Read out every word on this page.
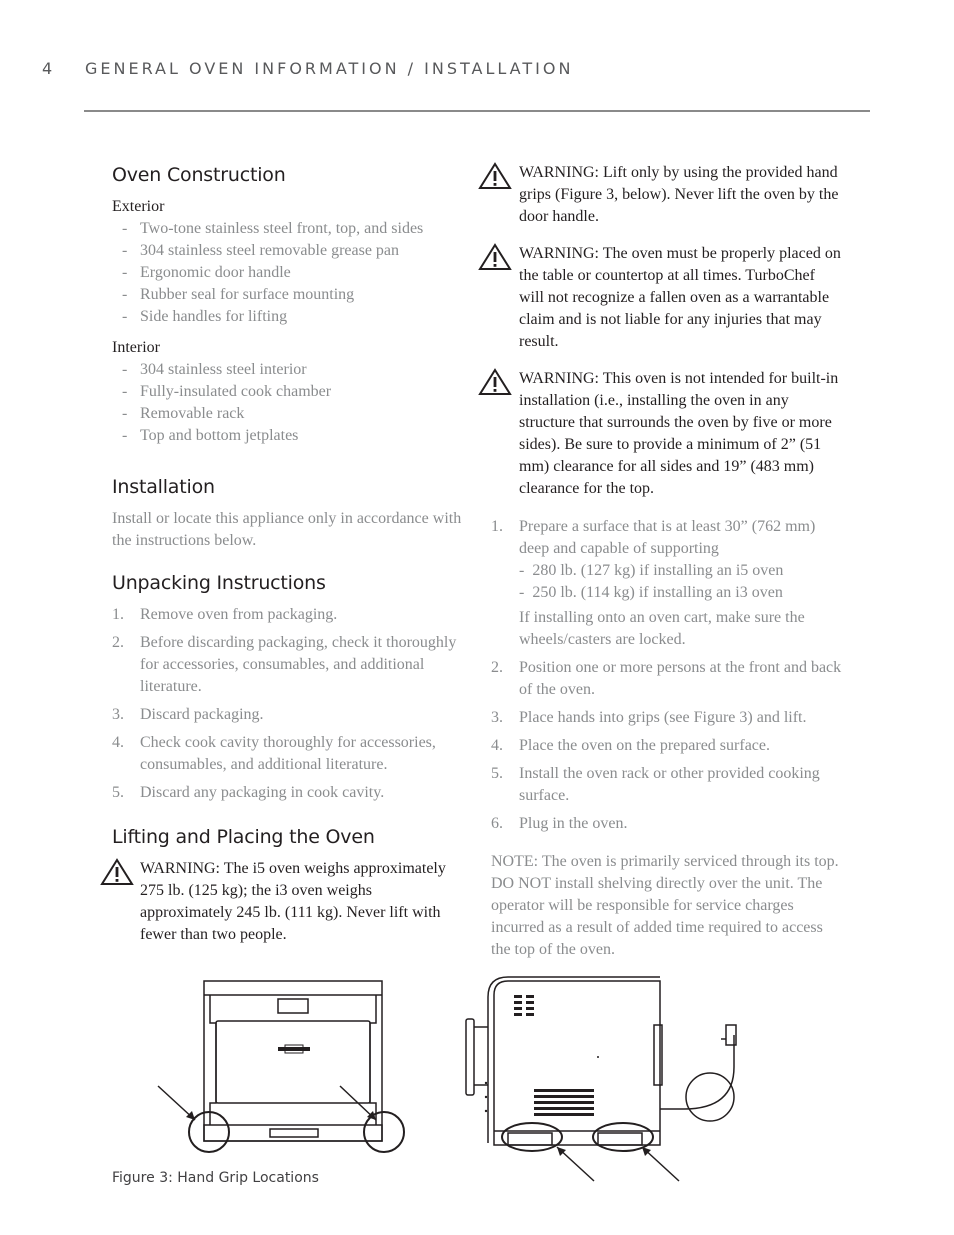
4 GENERAL OVEN INFORMATION / INSTALLATION
Oven Construction
Exterior
- Two-tone stainless steel front, top, and sides
- 304 stainless steel removable grease pan
- Ergonomic door handle
- Rubber seal for surface mounting
- Side handles for lifting
Interior
- 304 stainless steel interior
- Fully-insulated cook chamber
- Removable rack
- Top and bottom jetplates
Installation
Install or locate this appliance only in accordance with the instructions below.
Unpacking Instructions
1. Remove oven from packaging.
2. Before discarding packaging, check it thoroughly for accessories, consumables, and additional literature.
3. Discard packaging.
4. Check cook cavity thoroughly for accessories, consumables, and additional literature.
5. Discard any packaging in cook cavity.
Lifting and Placing the Oven
WARNING: The i5 oven weighs approximately 275 lb. (125 kg); the i3 oven weighs approximately 245 lb. (111 kg). Never lift with fewer than two people.
WARNING: Lift only by using the provided hand grips (Figure 3, below). Never lift the oven by the door handle.
WARNING: The oven must be properly placed on the table or countertop at all times. TurboChef will not recognize a fallen oven as a warrantable claim and is not liable for any injuries that may result.
WARNING: This oven is not intended for built-in installation (i.e., installing the oven in any structure that surrounds the oven by five or more sides). Be sure to provide a minimum of 2” (51 mm) clearance for all sides and 19” (483 mm) clearance for the top.
1. Prepare a surface that is at least 30” (762 mm) deep and capable of supporting
-  280 lb. (127 kg) if installing an i5 oven
-  250 lb. (114 kg) if installing an i3 oven
If installing onto an oven cart, make sure the wheels/casters are locked.
2. Position one or more persons at the front and back of the oven.
3. Place hands into grips (see Figure 3) and lift.
4. Place the oven on the prepared surface.
5. Install the oven rack or other provided cooking surface.
6. Plug in the oven.
NOTE: The oven is primarily serviced through its top. DO NOT install shelving directly over the unit. The operator will be responsible for service charges incurred as a result of added time required to access the top of the oven.
Figure 3: Hand Grip Locations
